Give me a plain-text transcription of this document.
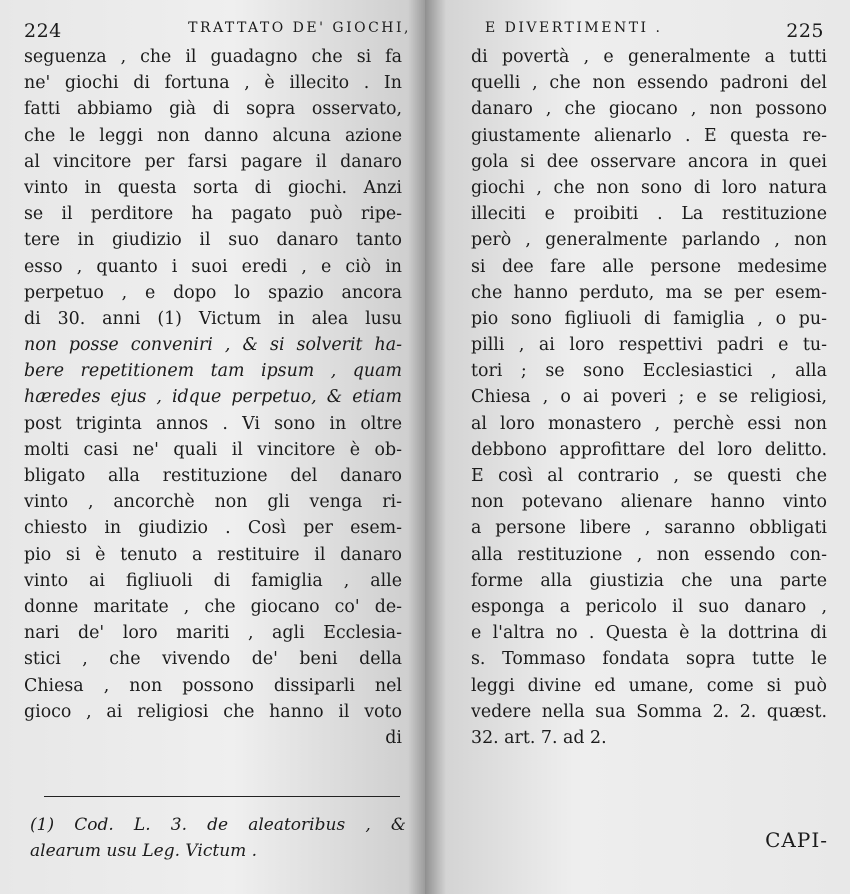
224	TRATTATO DE' GIOCHI,
seguenza , che il guadagno che si fa
ne' giochi di fortuna , è illecito . In
fatti abbiamo già di sopra osservato,
che le leggi non danno alcuna azione
al vincitore per farsi pagare il danaro
vinto in questa sorta di giochi. Anzi
se il perditore ha pagato può ripe-
tere in giudizio il suo danaro tanto
esso , quanto i suoi eredi , e ciò in
perpetuo , e dopo lo spazio ancora
di 30. anni (1) Victum in alea lusu
non posse conveniri , & si solverit ha-
bere repetitionem tam ipsum , quam
hæredes ejus , idque perpetuo, & etiam
post triginta annos . Vi sono in oltre
molti casi ne' quali il vincitore è ob-
bligato alla restituzione del danaro
vinto , ancorchè non gli venga ri-
chiesto in giudizio . Così per esem-
pio si è tenuto a restituire il danaro
vinto ai figliuoli di famiglia , alle
donne maritate , che giocano co' de-
nari de' loro mariti , agli Ecclesia-
stici , che vivendo de' beni della
Chiesa , non possono dissiparli nel
gioco , ai religiosi che hanno il voto
di
(1) Cod. L. 3. de aleatoribus , &
alearum usu Leg. Victum .
E DIVERTIMENTI .	225
di povertà , e generalmente a tutti
quelli , che non essendo padroni del
danaro , che giocano , non possono
giustamente alienarlo . E questa re-
gola si dee osservare ancora in quei
giochi , che non sono di loro natura
illeciti e proibiti . La restituzione
però , generalmente parlando , non
si dee fare alle persone medesime
che hanno perduto, ma se per esem-
pio sono figliuoli di famiglia , o pu-
pilli , ai loro respettivi padri e tu-
tori ; se sono Ecclesiastici , alla
Chiesa , o ai poveri ; e se religiosi,
al loro monastero , perchè essi non
debbono approfittare del loro delitto.
E così al contrario , se questi che
non potevano alienare hanno vinto
a persone libere , saranno obbligati
alla restituzione , non essendo con-
forme alla giustizia che una parte
esponga a pericolo il suo danaro ,
e l'altra no . Questa è la dottrina di
s. Tommaso fondata sopra tutte le
leggi divine ed umane, come si può
vedere nella sua Somma 2. 2. quæst.
32. art. 7. ad 2.
CAPI-
